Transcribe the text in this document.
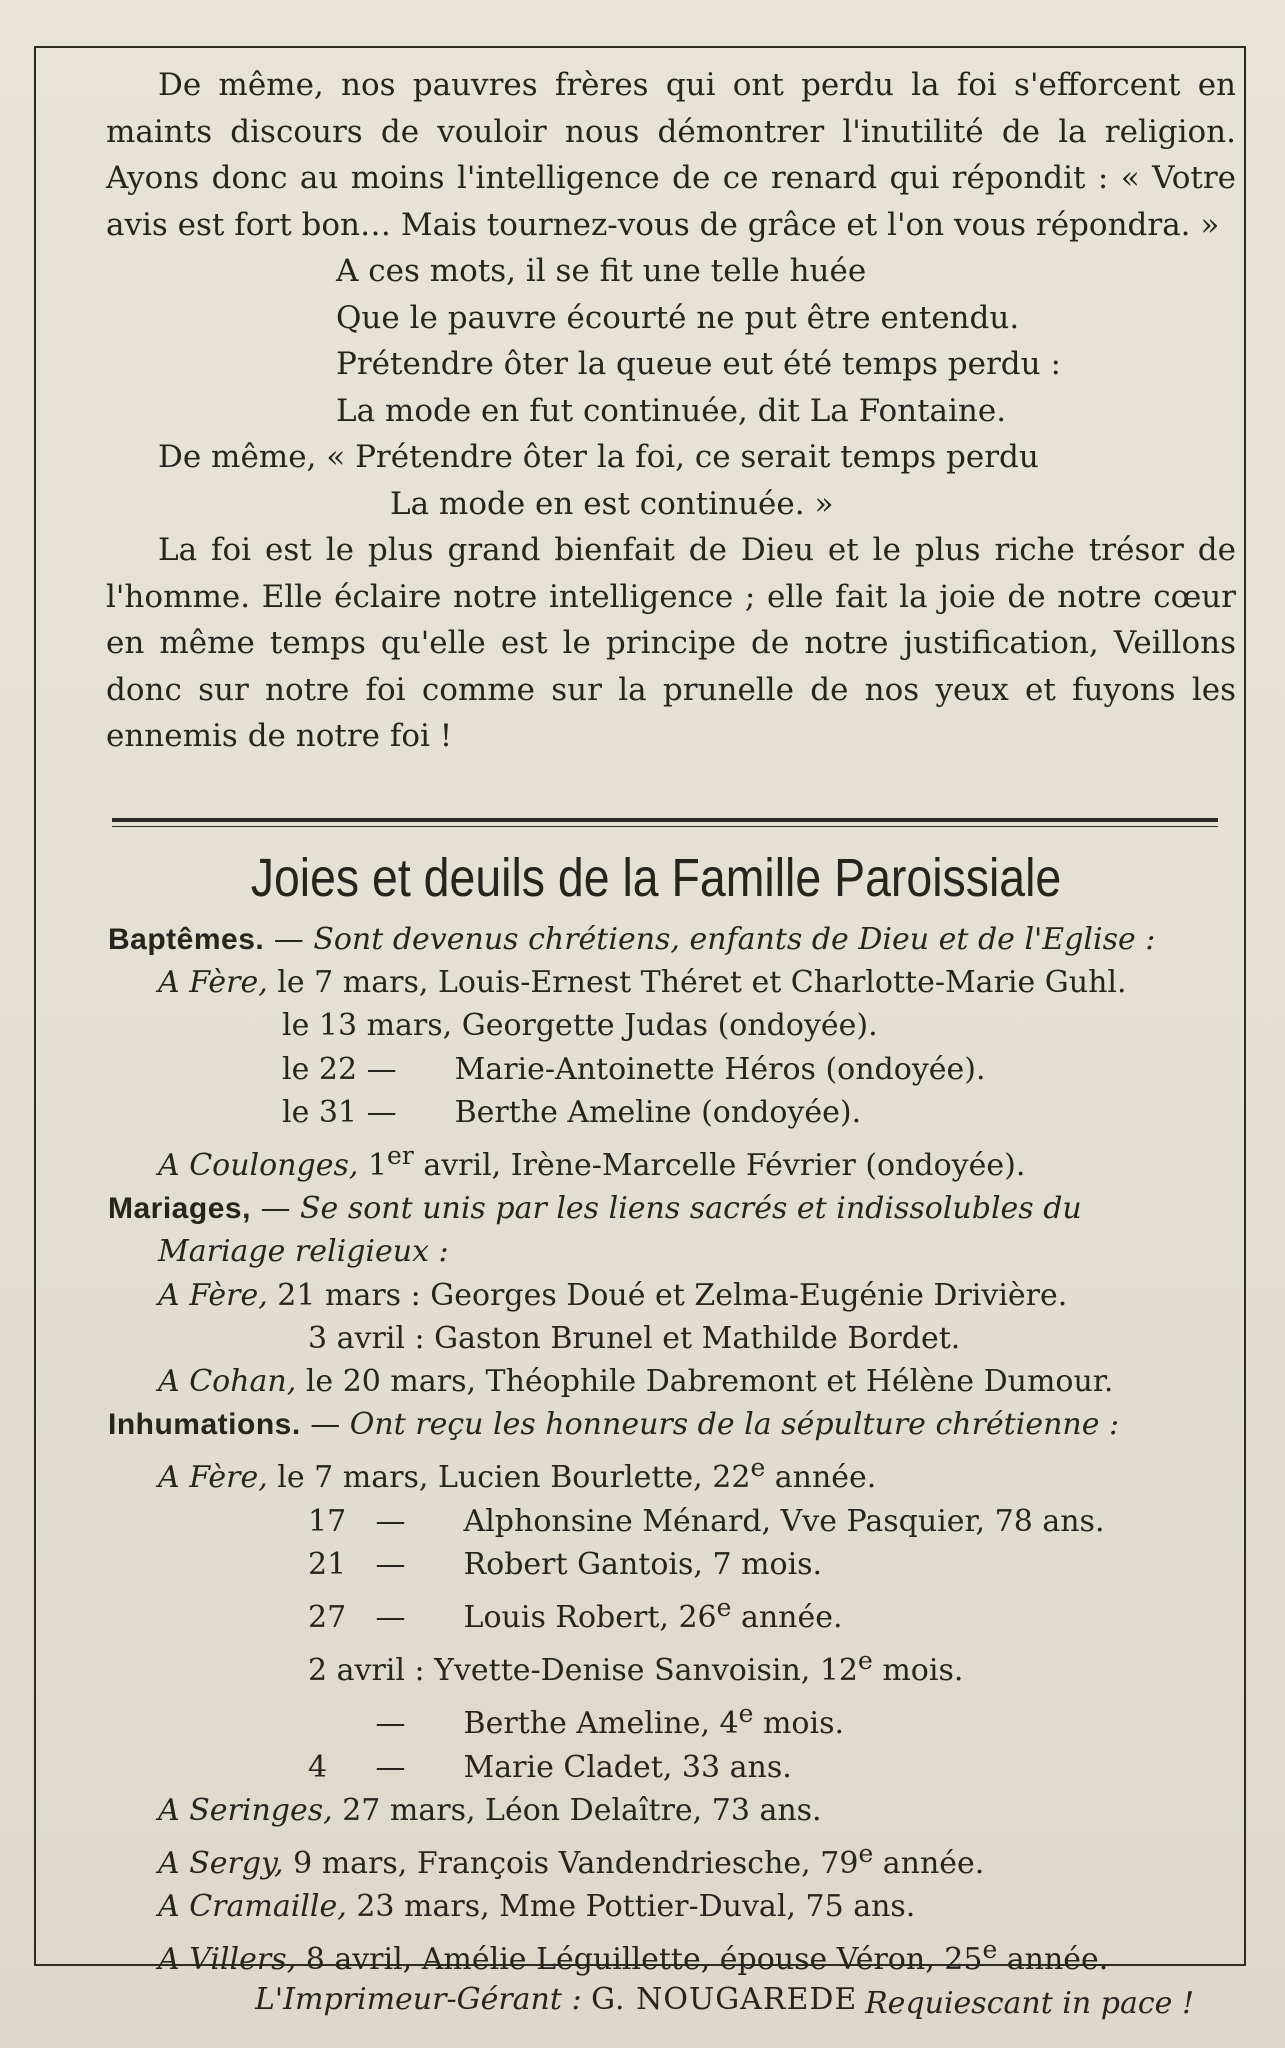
De même, nos pauvres frères qui ont perdu la foi s'efforcent en maints discours de vouloir nous démontrer l'inutilité de la religion. Ayons donc au moins l'intelligence de ce renard qui répondit : « Votre avis est fort bon… Mais tournez-vous de grâce et l'on vous répondra. »

A ces mots, il se fit une telle huée

Que le pauvre écourté ne put être entendu.

Prétendre ôter la queue eut été temps perdu :

La mode en fut continuée, dit La Fontaine.

De même, « Prétendre ôter la foi, ce serait temps perdu

La mode en est continuée. »

La foi est le plus grand bienfait de Dieu et le plus riche trésor de l'homme. Elle éclaire notre intelligence ; elle fait la joie de notre cœur en même temps qu'elle est le principe de notre justification, Veillons donc sur notre foi comme sur la prunelle de nos yeux et fuyons les ennemis de notre foi !

Joies et deuils de la Famille Paroissiale

Baptêmes. — Sont devenus chrétiens, enfants de Dieu et de l'Eglise :

A Fère, le 7 mars, Louis-Ernest Théret et Charlotte-Marie Guhl.

le 13 mars, Georgette Judas (ondoyée).

le 22 — Marie-Antoinette Héros (ondoyée).

le 31 — Berthe Ameline (ondoyée).

A Coulonges, 1er avril, Irène-Marcelle Février (ondoyée).

Mariages, — Se sont unis par les liens sacrés et indissolubles du

Mariage religieux :

A Fère, 21 mars : Georges Doué et Zelma-Eugénie Drivière.

3 avril : Gaston Brunel et Mathilde Bordet.

A Cohan, le 20 mars, Théophile Dabremont et Hélène Dumour.

Inhumations. — Ont reçu les honneurs de la sépulture chrétienne :

A Fère, le 7 mars, Lucien Bourlette, 22e année.

17 — Alphonsine Ménard, Vve Pasquier, 78 ans.

21 — Robert Gantois, 7 mois.

27 — Louis Robert, 26e année.

2 avril : Yvette-Denise Sanvoisin, 12e mois.

— Berthe Ameline, 4e mois.

4 — Marie Cladet, 33 ans.

A Seringes, 27 mars, Léon Delaître, 73 ans.

A Sergy, 9 mars, François Vandendriesche, 79e année.

A Cramaille, 23 mars, Mme Pottier-Duval, 75 ans.

A Villers, 8 avril, Amélie Léguillette, épouse Véron, 25e année.

Requiescant in pace !

L'Imprimeur-Gérant : G. NOUGAREDE
